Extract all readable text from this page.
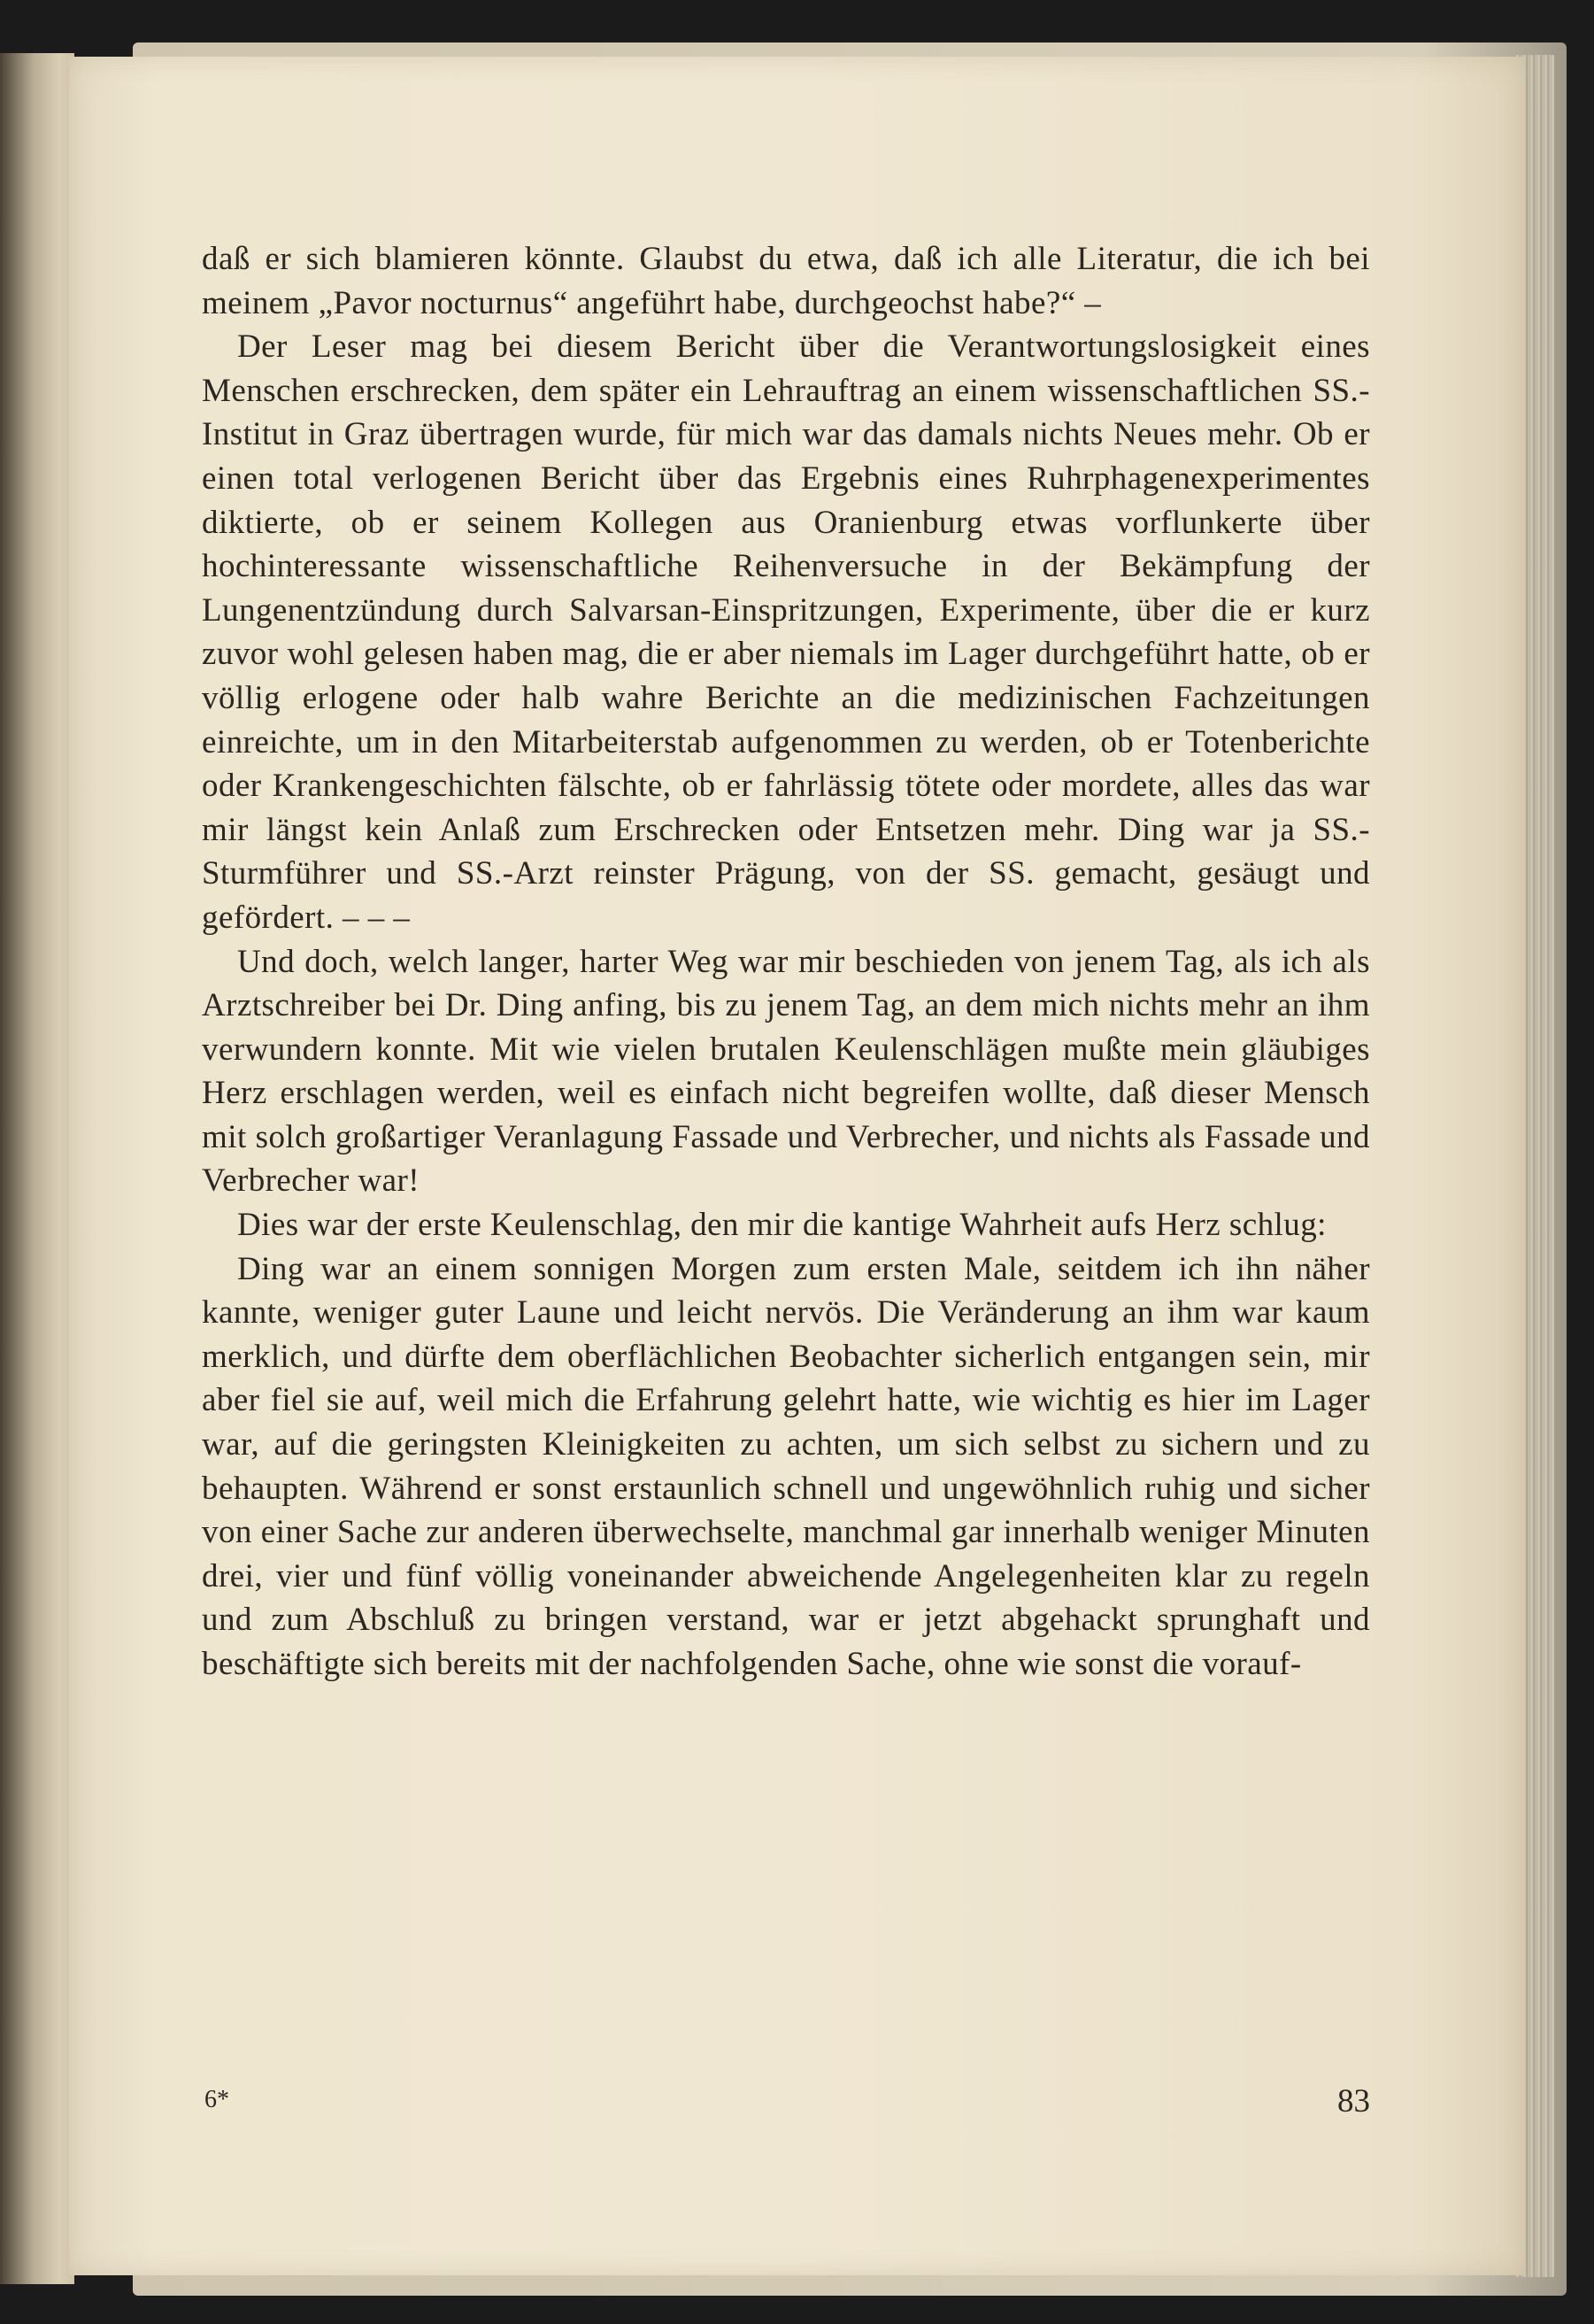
daß er sich blamieren könnte. Glaubst du etwa, daß ich alle Literatur, die ich bei meinem „Pavor nocturnus“ angeführt habe, durchgeochst habe?“ –

Der Leser mag bei diesem Bericht über die Verantwortungslosigkeit eines Menschen erschrecken, dem später ein Lehrauftrag an einem wissenschaftlichen SS.-Institut in Graz übertragen wurde, für mich war das damals nichts Neues mehr. Ob er einen total verlogenen Bericht über das Ergebnis eines Ruhrphagenexperimentes diktierte, ob er seinem Kollegen aus Oranienburg etwas vorflunkerte über hochinteressante wissenschaftliche Reihenversuche in der Bekämpfung der Lungenentzündung durch Salvarsan-Einspritzungen, Experimente, über die er kurz zuvor wohl gelesen haben mag, die er aber niemals im Lager durchgeführt hatte, ob er völlig erlogene oder halb wahre Berichte an die medizinischen Fachzeitungen einreichte, um in den Mitarbeiterstab aufgenommen zu werden, ob er Totenberichte oder Krankengeschichten fälschte, ob er fahrlässig tötete oder mordete, alles das war mir längst kein Anlaß zum Erschrecken oder Entsetzen mehr. Ding war ja SS.-Sturmführer und SS.-Arzt reinster Prägung, von der SS. gemacht, gesäugt und gefördert. – – –

Und doch, welch langer, harter Weg war mir beschieden von jenem Tag, als ich als Arztschreiber bei Dr. Ding anfing, bis zu jenem Tag, an dem mich nichts mehr an ihm verwundern konnte. Mit wie vielen brutalen Keulenschlägen mußte mein gläubiges Herz erschlagen werden, weil es einfach nicht begreifen wollte, daß dieser Mensch mit solch großartiger Veranlagung Fassade und Verbrecher, und nichts als Fassade und Verbrecher war!

Dies war der erste Keulenschlag, den mir die kantige Wahrheit aufs Herz schlug:

Ding war an einem sonnigen Morgen zum ersten Male, seitdem ich ihn näher kannte, weniger guter Laune und leicht nervös. Die Veränderung an ihm war kaum merklich, und dürfte dem oberflächlichen Beobachter sicherlich entgangen sein, mir aber fiel sie auf, weil mich die Erfahrung gelehrt hatte, wie wichtig es hier im Lager war, auf die geringsten Kleinigkeiten zu achten, um sich selbst zu sichern und zu behaupten. Während er sonst erstaunlich schnell und ungewöhnlich ruhig und sicher von einer Sache zur anderen überwechselte, manchmal gar innerhalb weniger Minuten drei, vier und fünf völlig voneinander abweichende Angelegenheiten klar zu regeln und zum Abschluß zu bringen verstand, war er jetzt abgehackt sprunghaft und beschäftigte sich bereits mit der nachfolgenden Sache, ohne wie sonst die vorauf-

6*	83
